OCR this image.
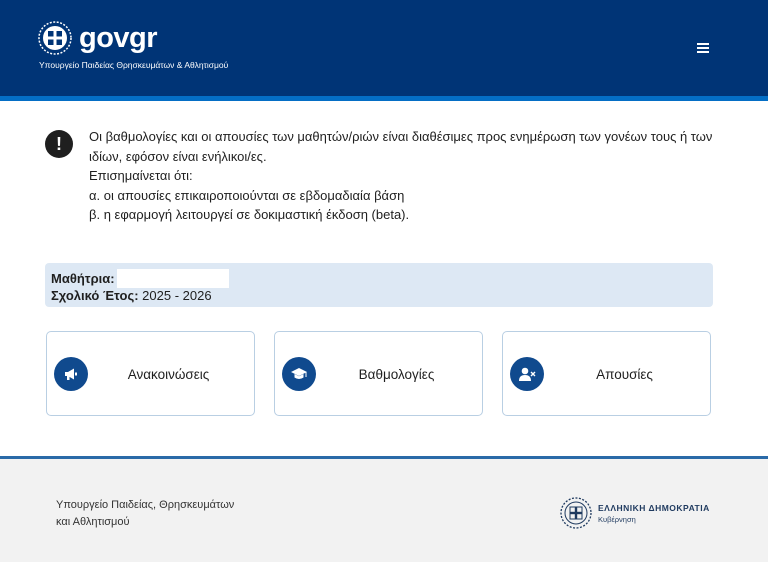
govgr
Υπουργείο Παιδείας Θρησκευμάτων & Αθλητισμού
!	Οι βαθμολογίες και οι απουσίες των μαθητών/ριών είναι διαθέσιμες προς ενημέρωση των γονέων τους ή των ιδίων, εφόσον είναι ενήλικοι/ες.

Επισημαίνεται ότι:

α. οι απουσίες επικαιροποιούνται σε εβδομαδιαία βάση

β. η εφαρμογή λειτουργεί σε δοκιμαστική έκδοση (beta).

Μαθήτρια:
Σχολικό Έτος: 2025 - 2026
Ανακοινώσεις	Βαθμολογίες	Απουσίες
Υπουργείο Παιδείας, Θρησκευμάτων
και Αθλητισμού
ΕΛΛΗΝΙΚΗ ΔΗΜΟΚΡΑΤΙΑ
Κυβέρνηση
